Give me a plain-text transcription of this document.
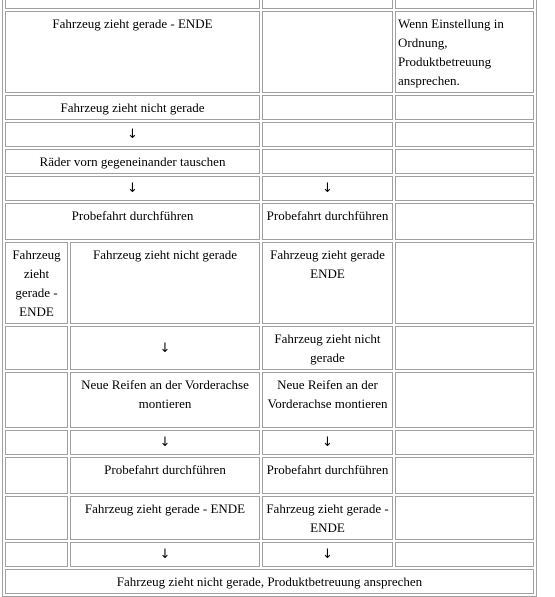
Fahrzeug zieht gerade - ENDE			Wenn Einstellung in Ordnung, Produktbetreuung ansprechen.
Fahrzeug zieht nicht gerade			
↓			
Räder vorn gegeneinander tauschen			
↓		↓	
Probefahrt durchführen		Probefahrt durchführen	
Fahrzeug zieht gerade - ENDE	Fahrzeug zieht nicht gerade	Fahrzeug zieht gerade ENDE	
	↓	Fahrzeug zieht nicht gerade	
	Neue Reifen an der Vorderachse montieren	Neue Reifen an der Vorderachse montieren	
	↓	↓	
	Probefahrt durchführen	Probefahrt durchführen	
	Fahrzeug zieht gerade - ENDE	Fahrzeug zieht gerade - ENDE	
	↓	↓	
Fahrzeug zieht nicht gerade, Produktbetreuung ansprechen			
